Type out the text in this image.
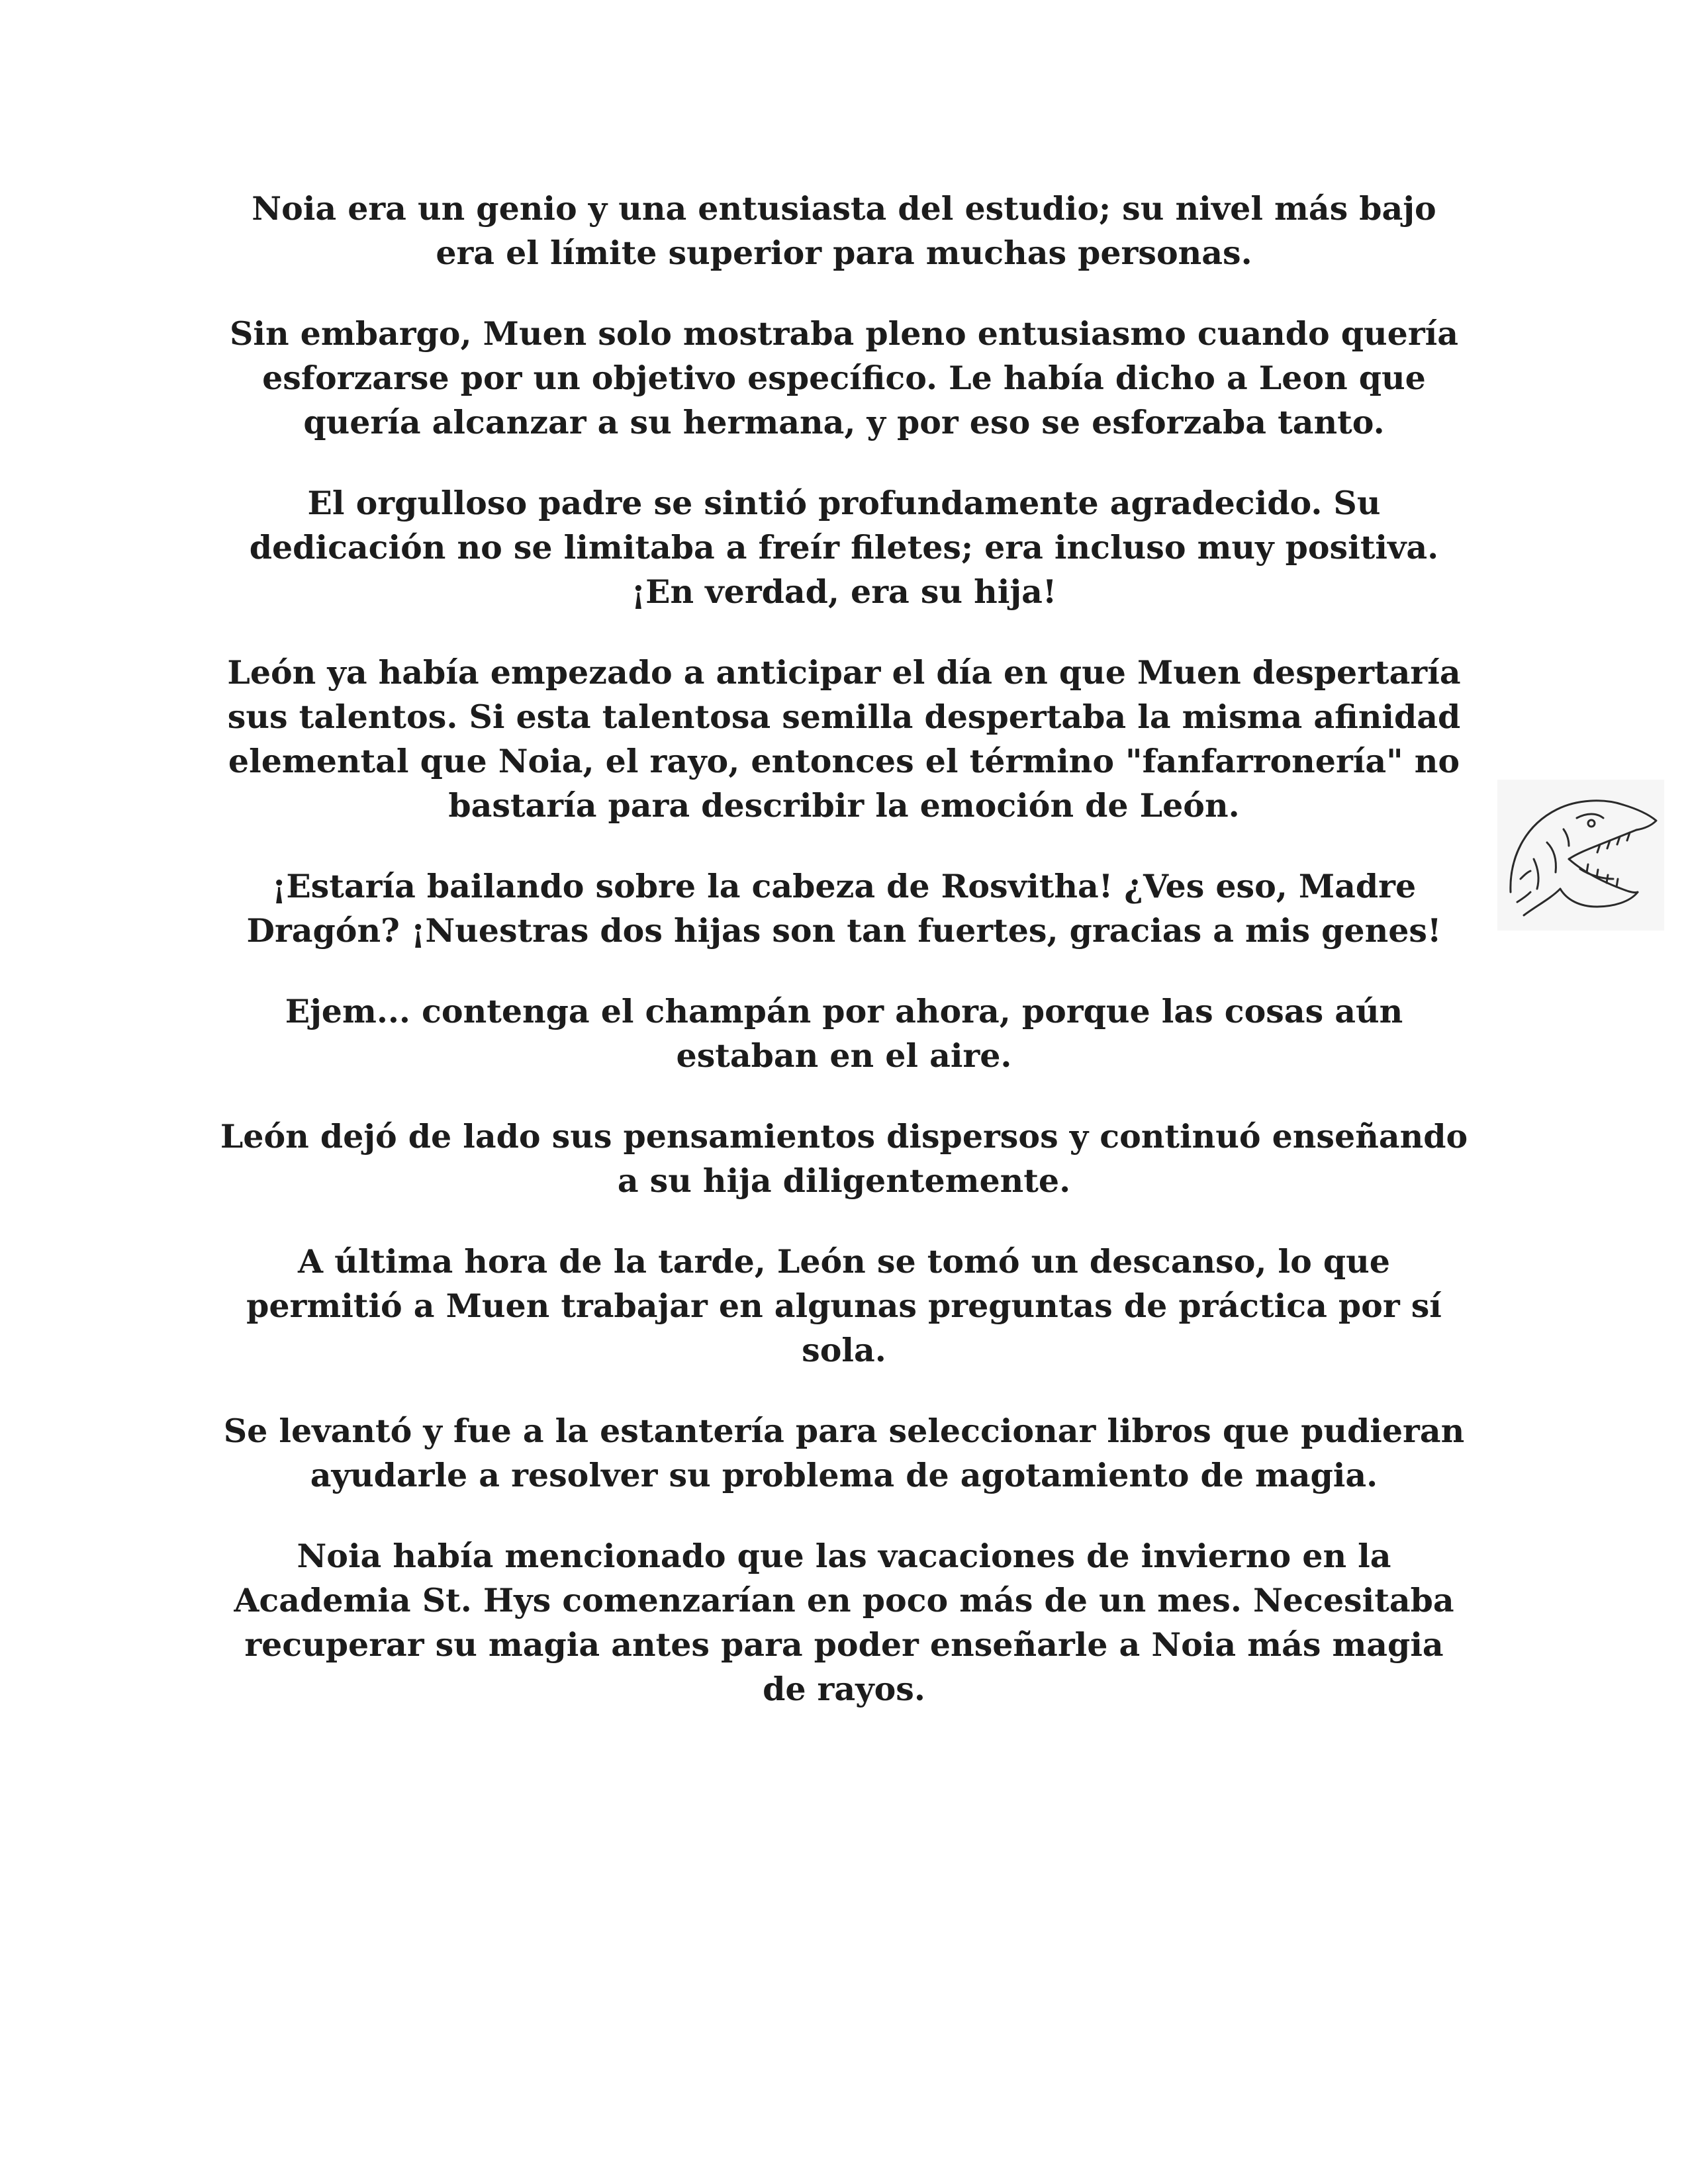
Noia era un genio y una entusiasta del estudio; su nivel más bajo era el límite superior para muchas personas.

Sin embargo, Muen solo mostraba pleno entusiasmo cuando quería esforzarse por un objetivo específico. Le había dicho a Leon que quería alcanzar a su hermana, y por eso se esforzaba tanto.

El orgulloso padre se sintió profundamente agradecido. Su dedicación no se limitaba a freír filetes; era incluso muy positiva. ¡En verdad, era su hija!

León ya había empezado a anticipar el día en que Muen despertaría sus talentos. Si esta talentosa semilla despertaba la misma afinidad elemental que Noia, el rayo, entonces el término "fanfarronería" no bastaría para describir la emoción de León.

¡Estaría bailando sobre la cabeza de Rosvitha! ¿Ves eso, Madre Dragón? ¡Nuestras dos hijas son tan fuertes, gracias a mis genes!

Ejem... contenga el champán por ahora, porque las cosas aún estaban en el aire.

León dejó de lado sus pensamientos dispersos y continuó enseñando a su hija diligentemente.

A última hora de la tarde, León se tomó un descanso, lo que permitió a Muen trabajar en algunas preguntas de práctica por sí sola.

Se levantó y fue a la estantería para seleccionar libros que pudieran ayudarle a resolver su problema de agotamiento de magia.

Noia había mencionado que las vacaciones de invierno en la Academia St. Hys comenzarían en poco más de un mes. Necesitaba recuperar su magia antes para poder enseñarle a Noia más magia de rayos.
